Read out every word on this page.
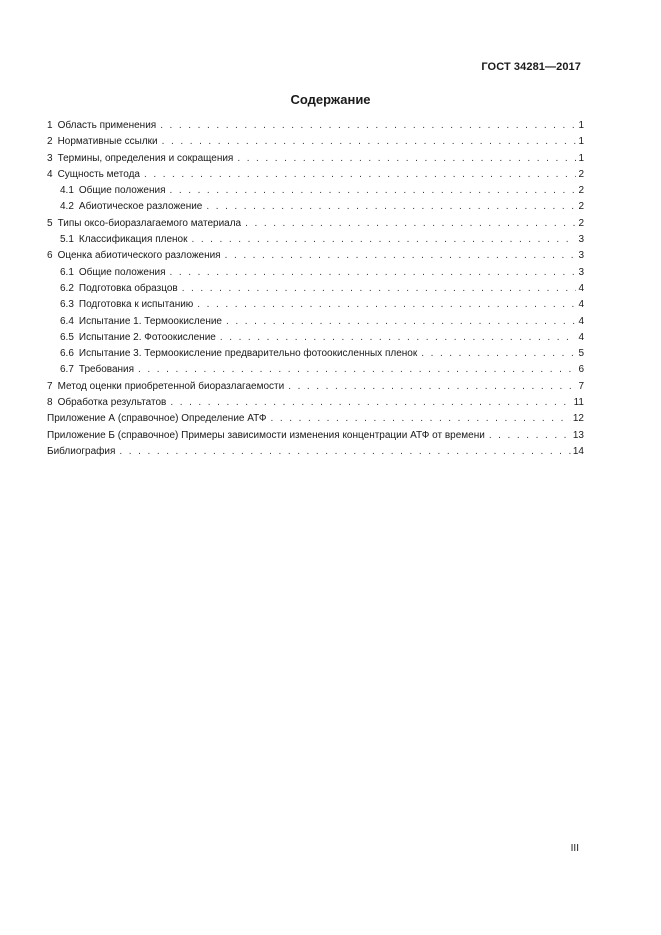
ГОСТ 34281—2017
Содержание
1 Область применения . . .	1
2 Нормативные ссылки . . .	1
3 Термины, определения и сокращения . . .	1
4 Сущность метода . . .	2
4.1 Общие положения . . .	2
4.2 Абиотическое разложение . . .	2
5 Типы оксо-биоразлагаемого материала . . .	2
5.1 Классификация пленок . . .	3
6 Оценка абиотического разложения . . .	3
6.1 Общие положения . . .	3
6.2 Подготовка образцов . . .	4
6.3 Подготовка к испытанию . . .	4
6.4 Испытание 1. Термоокисление . . .	4
6.5 Испытание 2. Фотоокисление . . .	4
6.6 Испытание 3. Термоокисление предварительно фотоокисленных пленок . . .	5
6.7 Требования . . .	6
7 Метод оценки приобретенной биоразлагаемости . . .	7
8 Обработка результатов . . .	11
Приложение А (справочное) Определение АТФ . . .	12
Приложение Б (справочное) Примеры зависимости изменения концентрации АТФ от времени . . .	13
Библиография . . .	14
III
